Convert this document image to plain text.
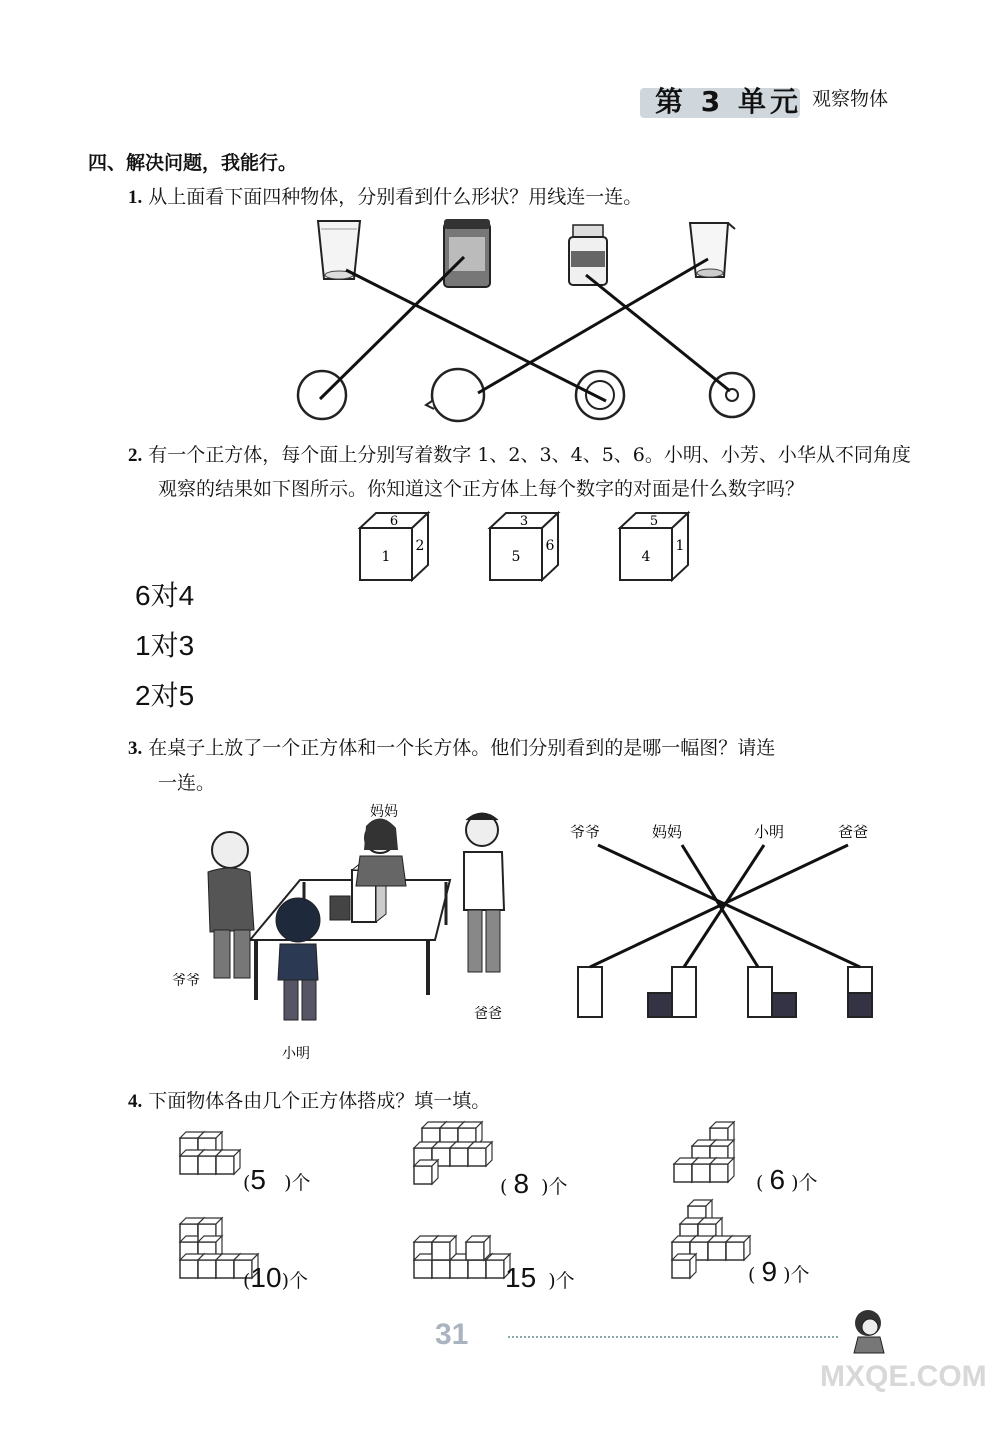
第 3 单元 观察物体
四、解决问题，我能行。
1. 从上面看下面四种物体，分别看到什么形状？用线连一连。
2. 有一个正方体，每个面上分别写着数字 1、2、3、4、5、6。小明、小芳、小华从不同角度
观察的结果如下图所示。你知道这个正方体上每个数字的对面是什么数字吗？
6
1
2
3
5
6
5
4
1
6对4
1对3
2对5
3. 在桌子上放了一个正方体和一个长方体。他们分别看到的是哪一幅图？请连
一连。
爷爷
妈妈
爸爸
小明
爷爷	妈妈	小明	爸爸
4. 下面物体各由几个正方体搭成？填一填。
(5   )个	( 8  )个	( 6 )个
(10)个	15  )个	( 9 )个
31
MXQE.COM
